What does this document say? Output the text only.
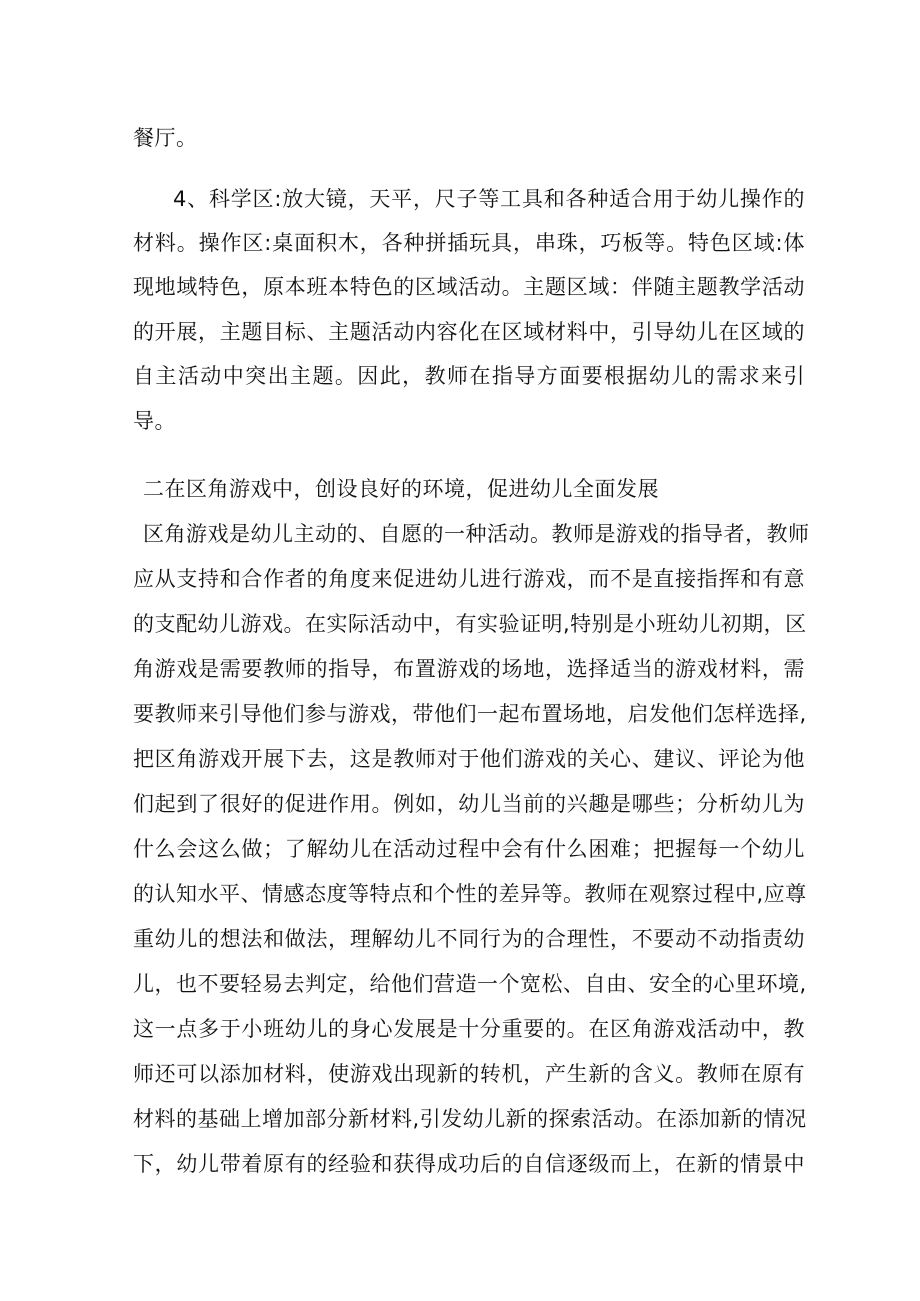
餐厅。
4、科学区:放大镜，天平，尺子等工具和各种适合用于幼儿操作的
材料。操作区:桌面积木，各种拼插玩具，串珠，巧板等。特色区域:体
现地域特色，原本班本特色的区域活动。主题区域：伴随主题教学活动
的开展，主题目标、主题活动内容化在区域材料中，引导幼儿在区域的
自主活动中突出主题。因此，教师在指导方面要根据幼儿的需求来引
导。
二在区角游戏中，创设良好的环境，促进幼儿全面发展
区角游戏是幼儿主动的、自愿的一种活动。教师是游戏的指导者，教师
应从支持和合作者的角度来促进幼儿进行游戏，而不是直接指挥和有意
的支配幼儿游戏。在实际活动中，有实验证明,特别是小班幼儿初期，区
角游戏是需要教师的指导，布置游戏的场地，选择适当的游戏材料，需
要教师来引导他们参与游戏，带他们一起布置场地，启发他们怎样选择,
把区角游戏开展下去，这是教师对于他们游戏的关心、建议、评论为他
们起到了很好的促进作用。例如，幼儿当前的兴趣是哪些；分析幼儿为
什么会这么做；了解幼儿在活动过程中会有什么困难；把握每一个幼儿
的认知水平、情感态度等特点和个性的差异等。教师在观察过程中,应尊
重幼儿的想法和做法，理解幼儿不同行为的合理性，不要动不动指责幼
儿，也不要轻易去判定，给他们营造一个宽松、自由、安全的心里环境,
这一点多于小班幼儿的身心发展是十分重要的。在区角游戏活动中，教
师还可以添加材料，使游戏出现新的转机，产生新的含义。教师在原有
材料的基础上增加部分新材料,引发幼儿新的探索活动。在添加新的情况
下，幼儿带着原有的经验和获得成功后的自信逐级而上，在新的情景中
